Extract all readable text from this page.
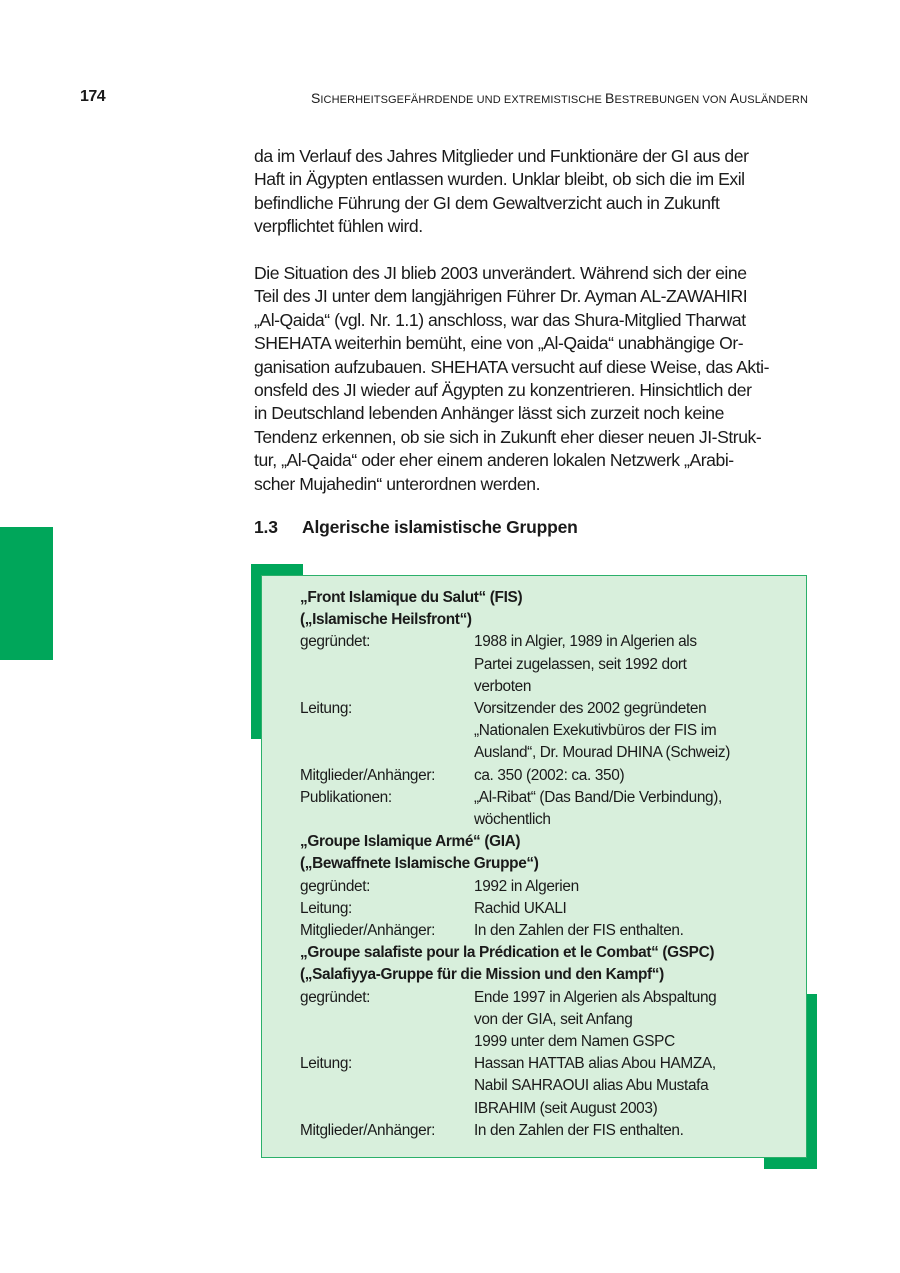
174	SICHERHEITSGEFÄHRDENDE UND EXTREMISTISCHE BESTREBUNGEN VON AUSLÄNDERN

da im Verlauf des Jahres Mitglieder und Funktionäre der GI aus der
Haft in Ägypten entlassen wurden. Unklar bleibt, ob sich die im Exil
befindliche Führung der GI dem Gewaltverzicht auch in Zukunft
verpflichtet fühlen wird.

Die Situation des JI blieb 2003 unverändert. Während sich der eine
Teil des JI unter dem langjährigen Führer Dr. Ayman AL-ZAWAHIRI
„Al-Qaida“ (vgl. Nr. 1.1) anschloss, war das Shura-Mitglied Tharwat
SHEHATA weiterhin bemüht, eine von „Al-Qaida“ unabhängige Or-
ganisation aufzubauen. SHEHATA versucht auf diese Weise, das Akti-
onsfeld des JI wieder auf Ägypten zu konzentrieren. Hinsichtlich der
in Deutschland lebenden Anhänger lässt sich zurzeit noch keine
Tendenz erkennen, ob sie sich in Zukunft eher dieser neuen JI-Struk-
tur, „Al-Qaida“ oder eher einem anderen lokalen Netzwerk „Arabi-
scher Mujahedin“ unterordnen werden.

1.3 Algerische islamistische Gruppen
„Front Islamique du Salut“ (FIS)
(„Islamische Heilsfront“)
gegründet:	1988 in Algier, 1989 in Algerien als
Partei zugelassen, seit 1992 dort
verboten
Leitung:	Vorsitzender des 2002 gegründeten
„Nationalen Exekutivbüros der FIS im
Ausland“, Dr. Mourad DHINA (Schweiz)
Mitglieder/Anhänger:	ca. 350 (2002: ca. 350)
Publikationen:	„Al-Ribat“ (Das Band/Die Verbindung),
wöchentlich
„Groupe Islamique Armé“ (GIA)
(„Bewaffnete Islamische Gruppe“)
gegründet:	1992 in Algerien
Leitung:	Rachid UKALI
Mitglieder/Anhänger:	In den Zahlen der FIS enthalten.
„Groupe salafiste pour la Prédication et le Combat“ (GSPC)
(„Salafiyya-Gruppe für die Mission und den Kampf“)
gegründet:	Ende 1997 in Algerien als Abspaltung
von der GIA, seit Anfang
1999 unter dem Namen GSPC
Leitung:	Hassan HATTAB alias Abou HAMZA,
Nabil SAHRAOUI alias Abu Mustafa
IBRAHIM (seit August 2003)
Mitglieder/Anhänger:	In den Zahlen der FIS enthalten.
